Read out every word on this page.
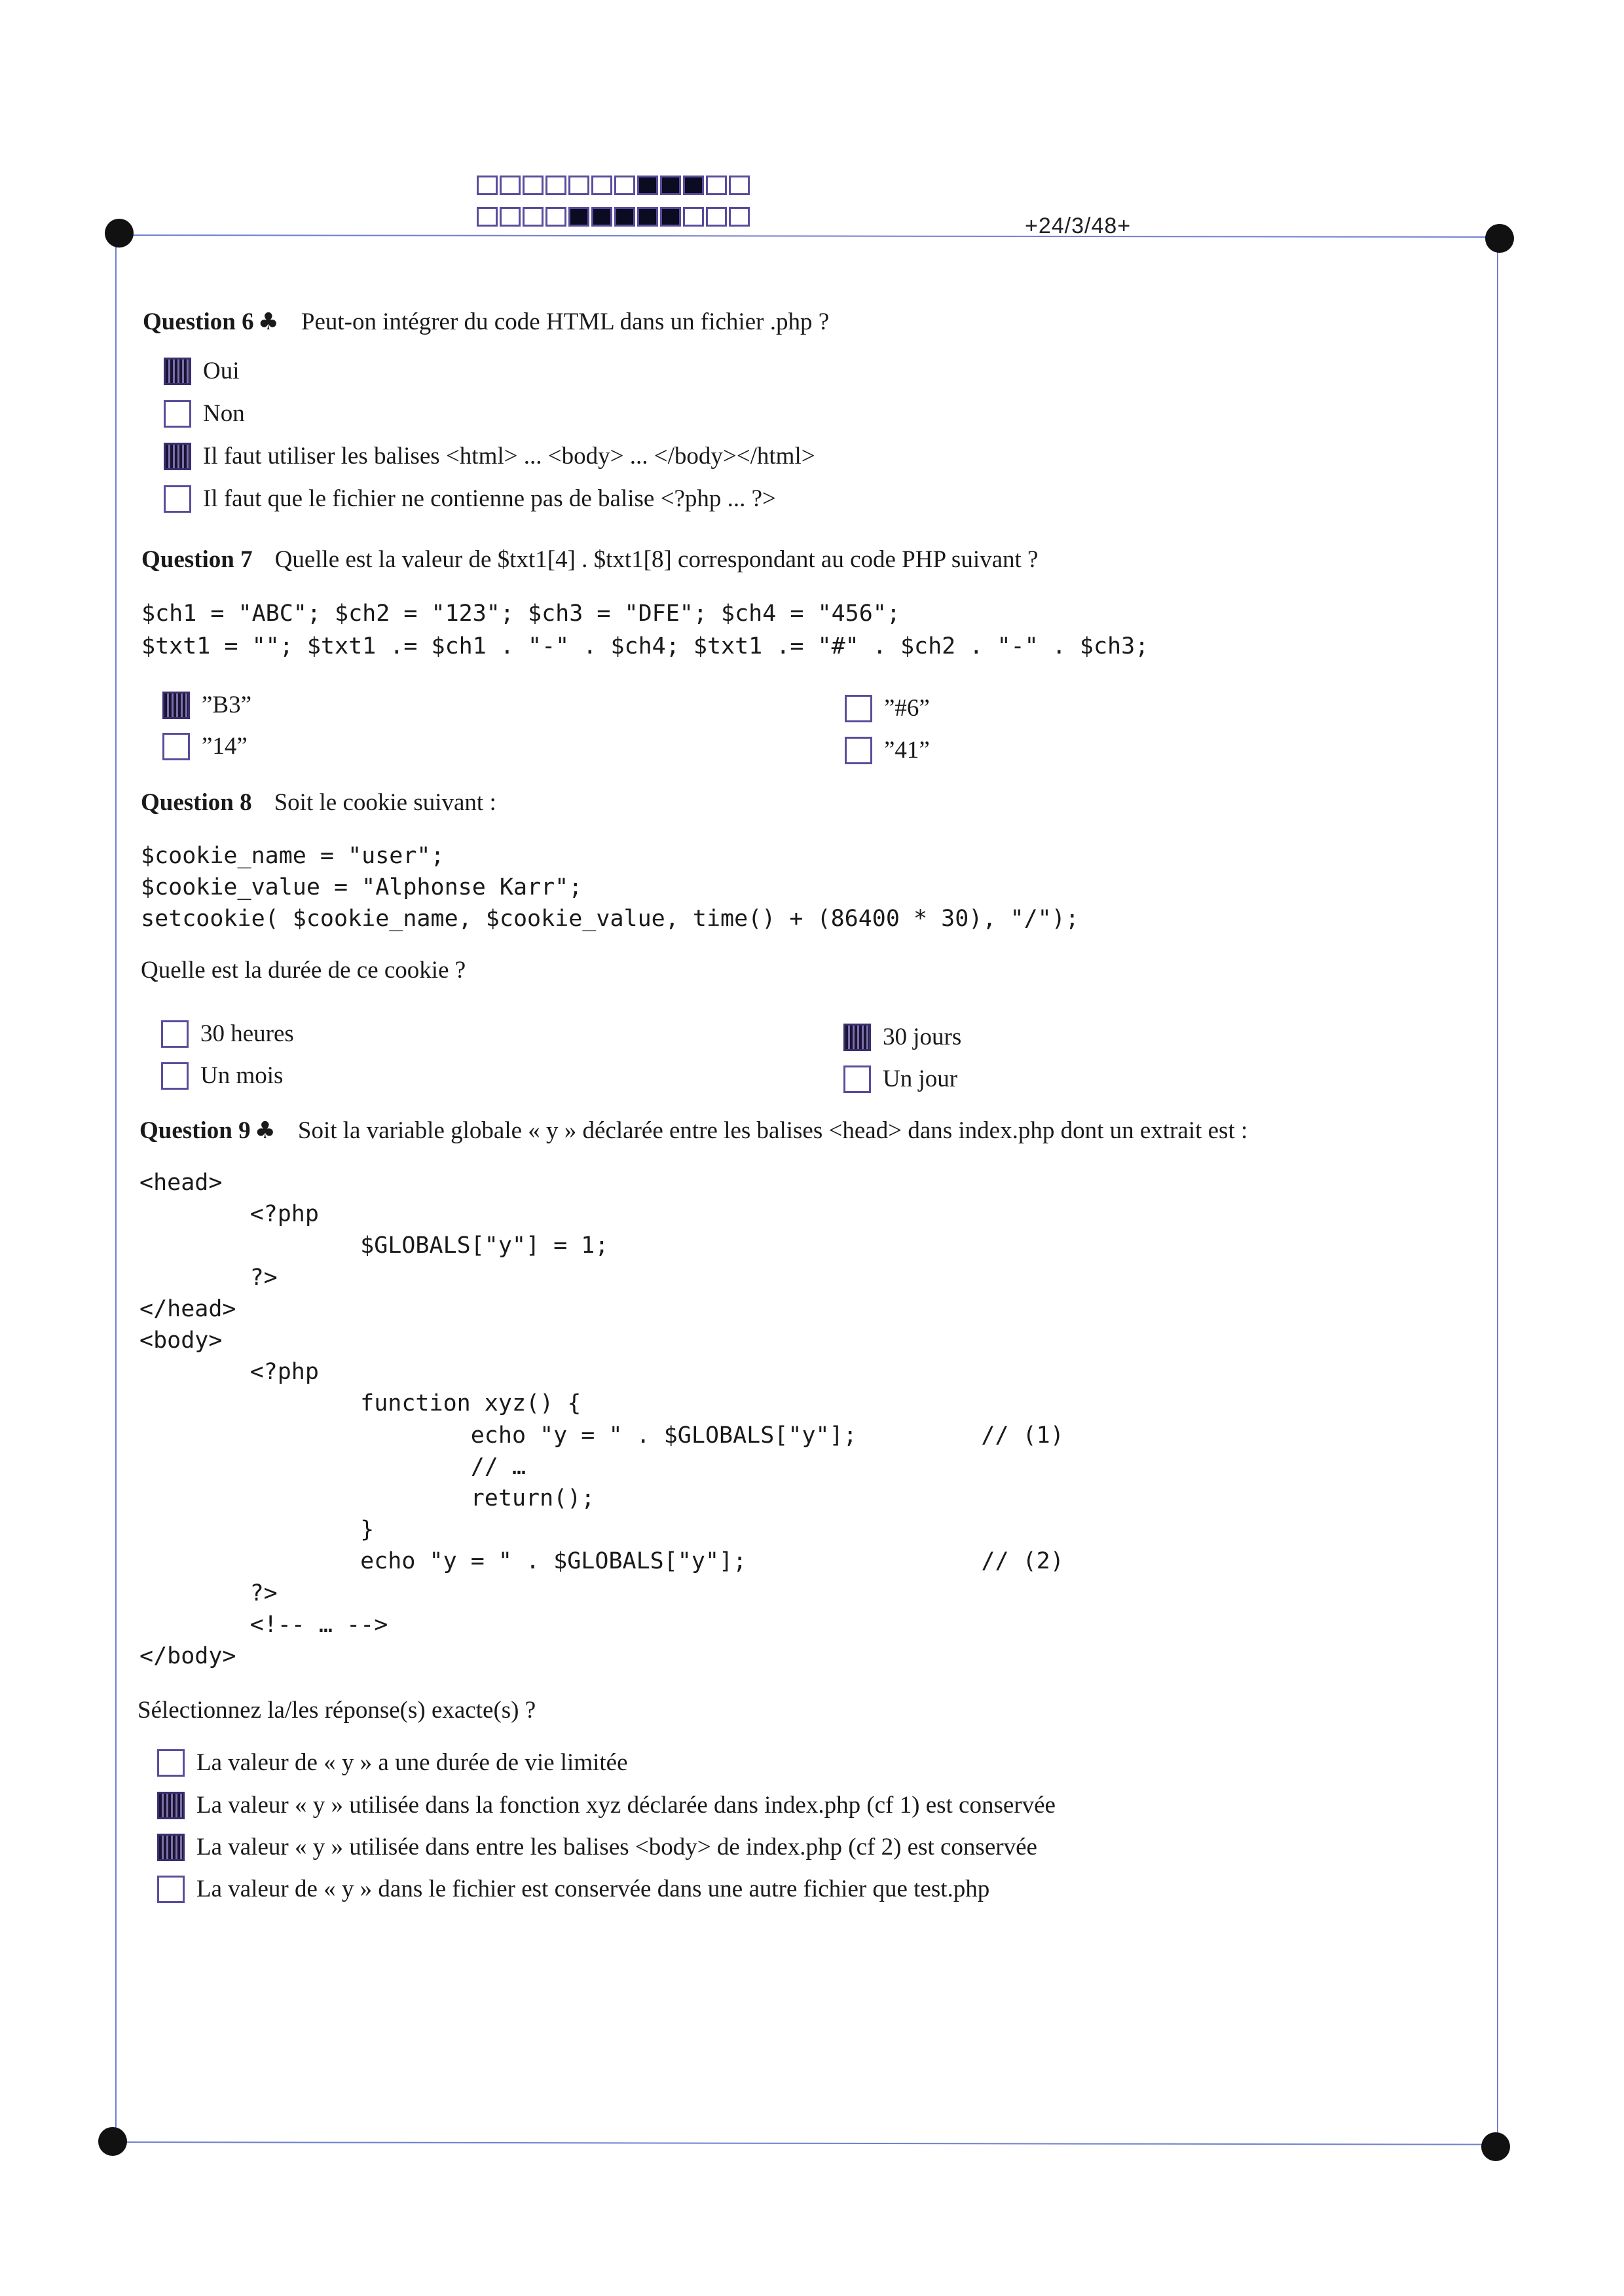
+24/3/48+
Question 6 ♣ Peut-on intégrer du code HTML dans un fichier .php ?
Oui
Non
Il faut utiliser les balises <html> ... <body> ... </body></html>
Il faut que le fichier ne contienne pas de balise <?php ... ?>
Question 7 Quelle est la valeur de $txt1[4] . $txt1[8] correspondant au code PHP suivant ?
$ch1 = "ABC"; $ch2 = "123"; $ch3 = "DFE"; $ch4 = "456";
$txt1 = ""; $txt1 .= $ch1 . "-" . $ch4; $txt1 .= "#" . $ch2 . "-" . $ch3;
”B3”
”14”
”#6”
”41”
Question 8 Soit le cookie suivant :
$cookie_name = "user";
$cookie_value = "Alphonse Karr";
setcookie( $cookie_name, $cookie_value, time() + (86400 * 30), "/");
Quelle est la durée de ce cookie ?
30 heures
Un mois
30 jours
Un jour
Question 9 ♣ Soit la variable globale « y » déclarée entre les balises <head> dans index.php dont un extrait est :
<head>
<?php
$GLOBALS["y"] = 1;
?>
</head>
<body>
<?php
function xyz() {
echo "y = " . $GLOBALS["y"];         // (1)
// …
return();
}
echo "y = " . $GLOBALS["y"];                 // (2)
?>
<!-- … -->
</body>
Sélectionnez la/les réponse(s) exacte(s) ?
La valeur de « y » a une durée de vie limitée
La valeur « y » utilisée dans la fonction xyz déclarée dans index.php (cf 1) est conservée
La valeur « y » utilisée dans entre les balises <body> de index.php (cf 2) est conservée
La valeur de « y » dans le fichier est conservée dans une autre fichier que test.php
